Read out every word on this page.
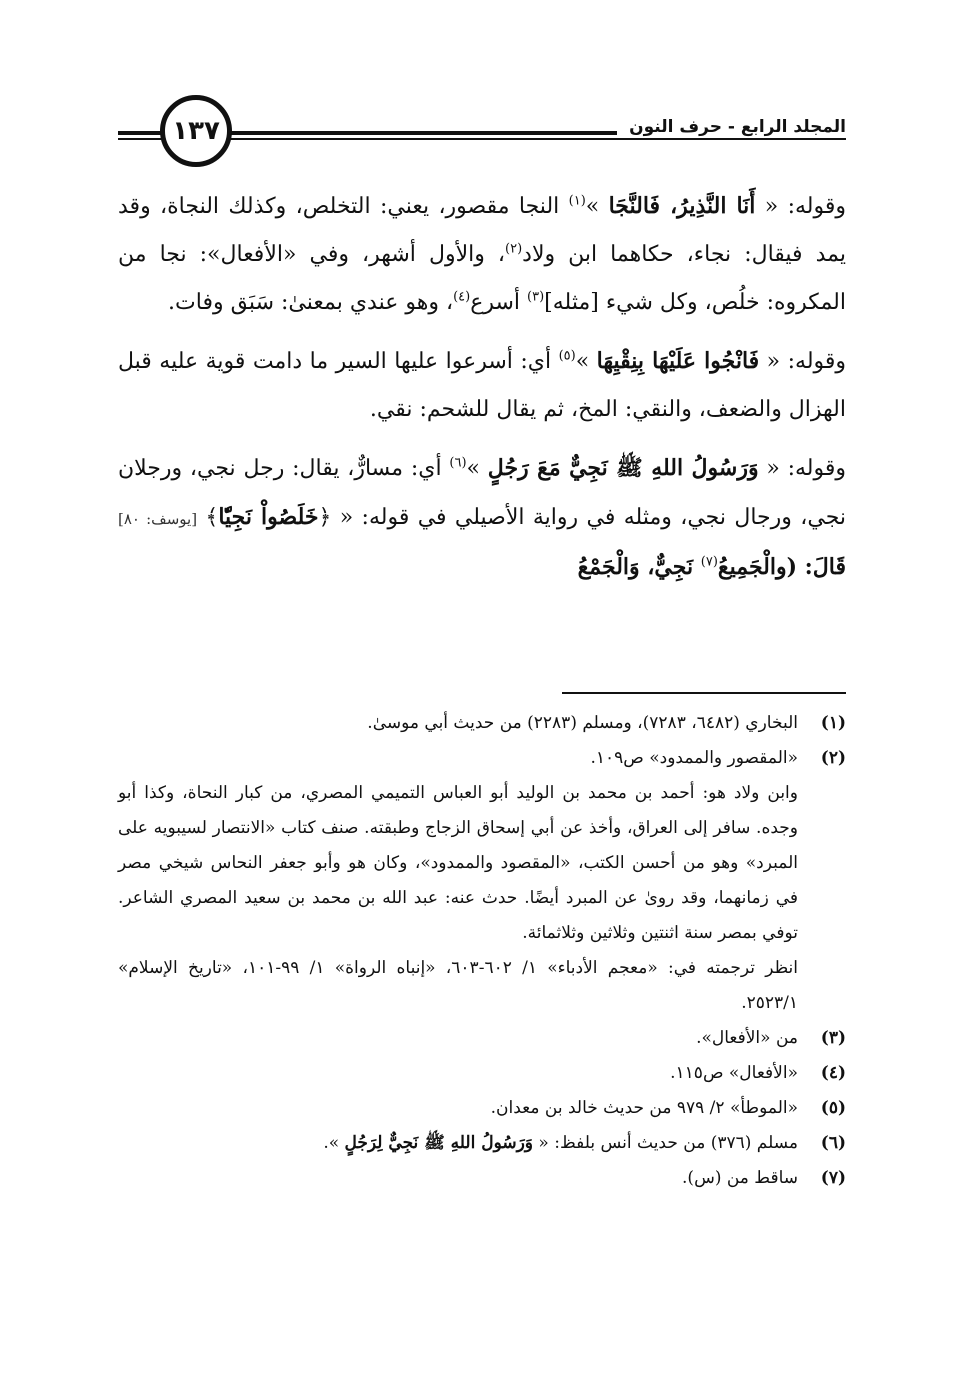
١٣٧	المجلد الرابع - حرف النون

وقوله: « أَنَا النَّذِيرُ، فَالنَّجَا »$^{(١)}$ النجا مقصور، يعني: التخلص، وكذلك النجاة، وقد يمد فيقال: نجاء، حكاهما ابن ولاد$^{(٢)}$، والأول أشهر، وفي «الأفعال»: نجا من المكروه: خلُص، وكل شيء [مثله]$^{(٣)}$ أسرع$^{(٤)}$، وهو عندي بمعنىٰ: سَبَق وفات.

وقوله: « فَانْجُوا عَلَيْهَا بِنِقْيِهَا »$^{(٥)}$ أي: أسرعوا عليها السير ما دامت قوية عليه قبل الهزال والضعف، والنقي: المخ، ثم يقال للشحم: نقي.

وقوله: « وَرَسُولُ اللهِ ﷺ نَجِيٌّ مَعَ رَجُلٍ »$^{(٦)}$ أي: مسارٌّ، يقال: رجل نجي، ورجلان نجي، ورجال نجي، ومثله في رواية الأصيلي في قوله: « ﴿خَلَصُواْ نَجِيّٗا﴾ [يوسف: ٨٠] قَالَ: (والْجَمِيعُ$^{(٧)}$ نَجِيٌّ، وَالْجَمْعُ

(١)
البخاري (٦٤٨٢، ٧٢٨٣)، ومسلم (٢٢٨٣) من حديث أبي موسىٰ.
(٢)
«المقصور والممدود» ص١٠٩.
وابن ولاد هو: أحمد بن محمد بن الوليد أبو العباس التميمي المصري، من كبار النحاة، وكذا أبو وجده. سافر إلى العراق، وأخذ عن أبي إسحاق الزجاج وطبقته. صنف كتاب «الانتصار لسيبويه على المبرد» وهو من أحسن الكتب، «المقصود والممدود»، وكان هو وأبو جعفر النحاس شيخي مصر في زمانهما، وقد روىٰ عن المبرد أيضًا. حدث عنه: عبد الله بن محمد بن سعيد المصري الشاعر. توفي بمصر سنة اثنتين وثلاثين وثلاثمائة.
انظر ترجمته في: «معجم الأدباء» ١/ ٦٠٢-٦٠٣، «إنباه الرواة» ١/ ٩٩-١٠١، «تاريخ الإسلام» ٢٥٢٣/١.
(٣)
من «الأفعال».
(٤)
«الأفعال» ص١١٥.
(٥)
«الموطأ» ٢/ ٩٧٩ من حديث خالد بن معدان.
(٦)
مسلم (٣٧٦) من حديث أنس بلفظ: « وَرَسُولُ اللهِ ﷺ نَجِيٌّ لِرَجُلٍ ».
(٧)
ساقط من (س).
